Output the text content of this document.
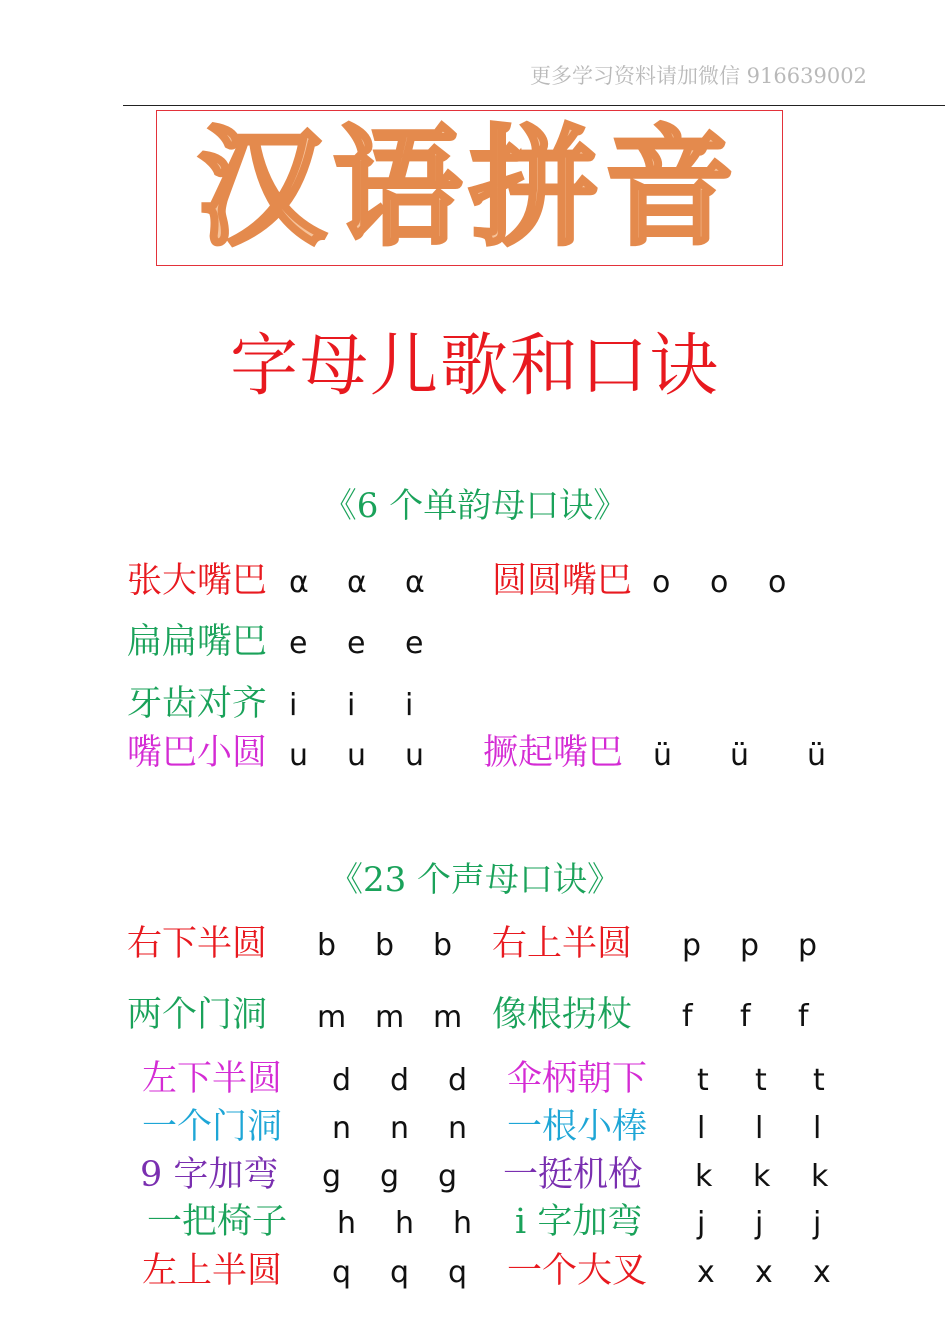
更多学习资料请加微信 916639002
汉语拼音
字母儿歌和口诀
《6 个单韵母口诀》
张大嘴巴 α α α	圆圆嘴巴 o o o
扁扁嘴巴 e e e
牙齿对齐 i i i
嘴巴小圆 u u u	撅起嘴巴 ü ü ü
《23 个声母口诀》
右下半圆 b b b	右上半圆 p p p
两个门洞 m m m 像根拐杖 f f f
左下半圆 d d d	伞柄朝下 t t t
一个门洞 n n n	一根小棒 l l l
9 字加弯 g g g	一挺机枪 k k k
一把椅子 h h h	i 字加弯 j j j
左上半圆 q q q	一个大叉 x x x
